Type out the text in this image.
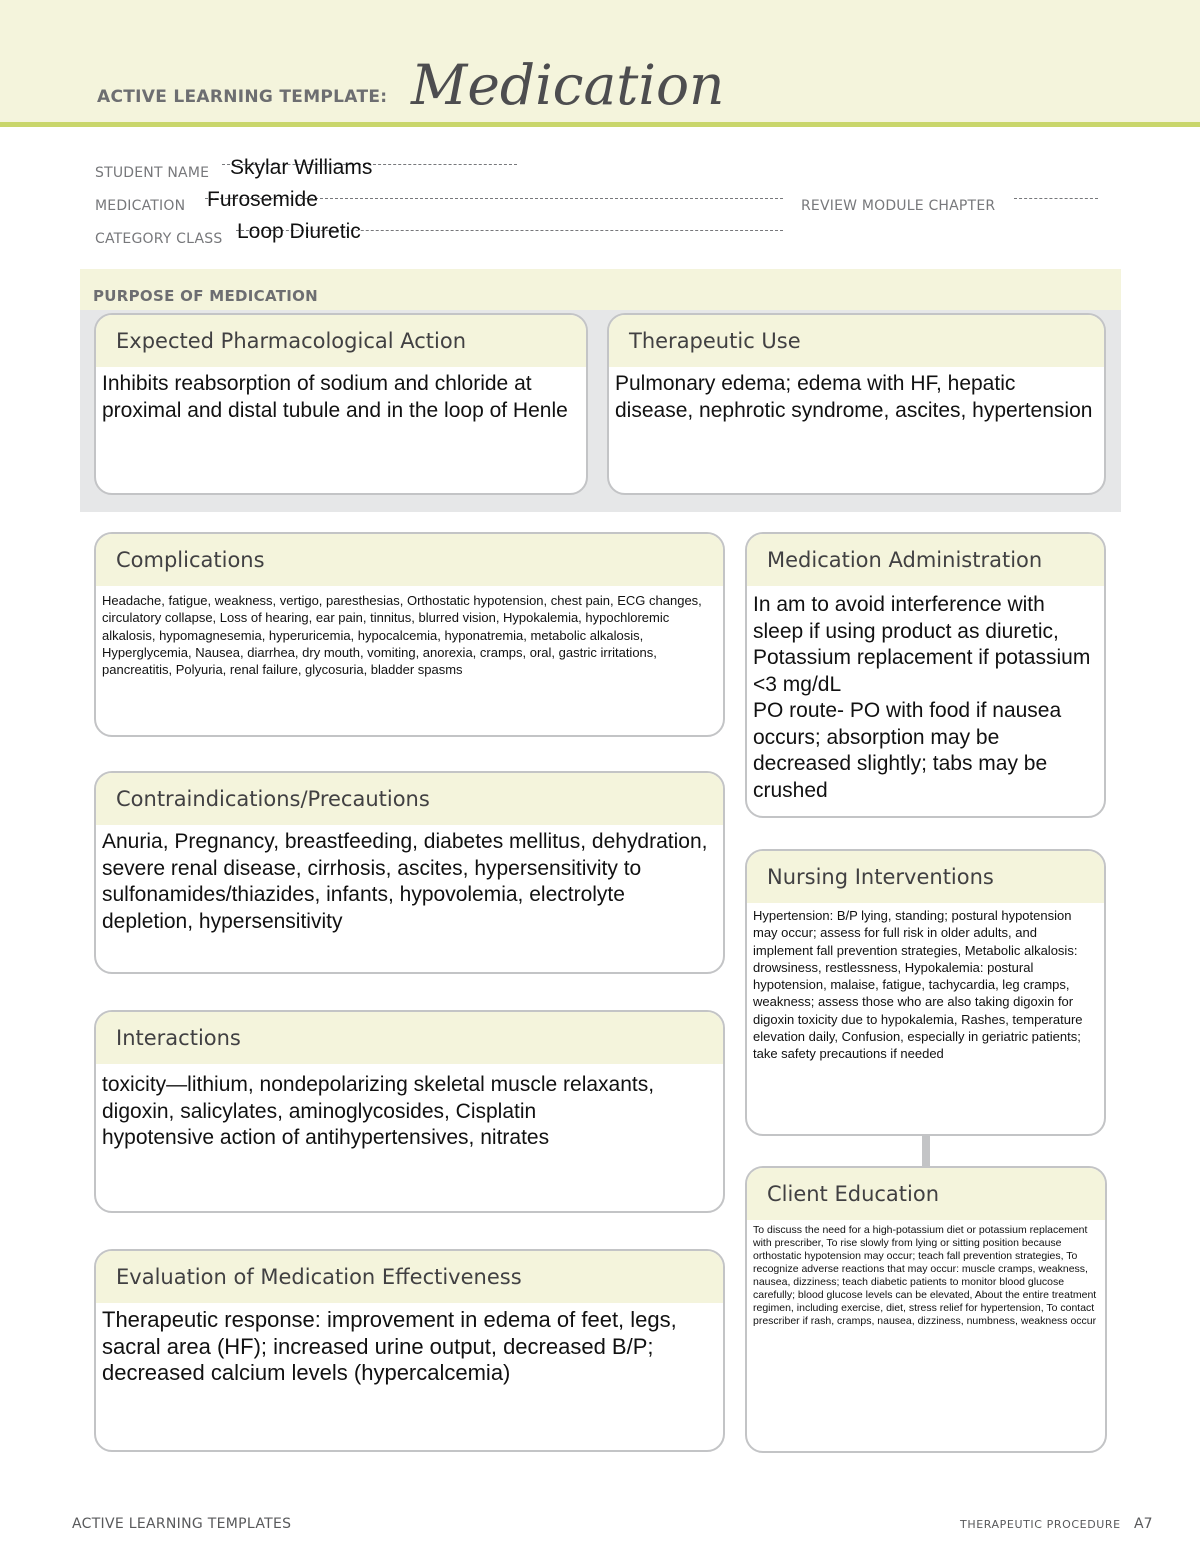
ACTIVE LEARNING TEMPLATE: Medication
STUDENT NAME Skylar Williams
MEDICATION Furosemide	REVIEW MODULE CHAPTER
CATEGORY CLASS Loop Diuretic
PURPOSE OF MEDICATION
Expected Pharmacological Action
Inhibits reabsorption of sodium and chloride at proximal and distal tubule and in the loop of Henle
Therapeutic Use
Pulmonary edema; edema with HF, hepatic disease, nephrotic syndrome, ascites, hypertension
Complications
Headache, fatigue, weakness, vertigo, paresthesias, Orthostatic hypotension, chest pain, ECG changes, circulatory collapse, Loss of hearing, ear pain, tinnitus, blurred vision, Hypokalemia, hypochloremic alkalosis, hypomagnesemia, hyperuricemia, hypocalcemia, hyponatremia, metabolic alkalosis, Hyperglycemia, Nausea, diarrhea, dry mouth, vomiting, anorexia, cramps, oral, gastric irritations, pancreatitis, Polyuria, renal failure, glycosuria, bladder spasms
Contraindications/Precautions
Anuria, Pregnancy, breastfeeding, diabetes mellitus, dehydration, severe renal disease, cirrhosis, ascites, hypersensitivity to sulfonamides/thiazides, infants, hypovolemia, electrolyte depletion, hypersensitivity
Interactions
toxicity—lithium, nondepolarizing skeletal muscle relaxants, digoxin, salicylates, aminoglycosides, Cisplatin
hypotensive action of antihypertensives, nitrates
Evaluation of Medication Effectiveness
Therapeutic response: improvement in edema of feet, legs, sacral area (HF); increased urine output, decreased B/P; decreased calcium levels (hypercalcemia)
Medication Administration
In am to avoid interference with sleep if using product as diuretic, Potassium replacement if potassium <3 mg/dL
PO route- PO with food if nausea occurs; absorption may be decreased slightly; tabs may be crushed
Nursing Interventions
Hypertension: B/P lying, standing; postural hypotension may occur; assess for full risk in older adults, and implement fall prevention strategies, Metabolic alkalosis: drowsiness, restlessness, Hypokalemia: postural hypotension, malaise, fatigue, tachycardia, leg cramps, weakness; assess those who are also taking digoxin for digoxin toxicity due to hypokalemia, Rashes, temperature elevation daily, Confusion, especially in geriatric patients; take safety precautions if needed
Client Education
To discuss the need for a high-potassium diet or potassium replacement with prescriber, To rise slowly from lying or sitting position because orthostatic hypotension may occur; teach fall prevention strategies, To recognize adverse reactions that may occur: muscle cramps, weakness, nausea, dizziness; teach diabetic patients to monitor blood glucose carefully; blood glucose levels can be elevated, About the entire treatment regimen, including exercise, diet, stress relief for hypertension, To contact prescriber if rash, cramps, nausea, dizziness, numbness, weakness occur
ACTIVE LEARNING TEMPLATES	THERAPEUTIC PROCEDURE A7
